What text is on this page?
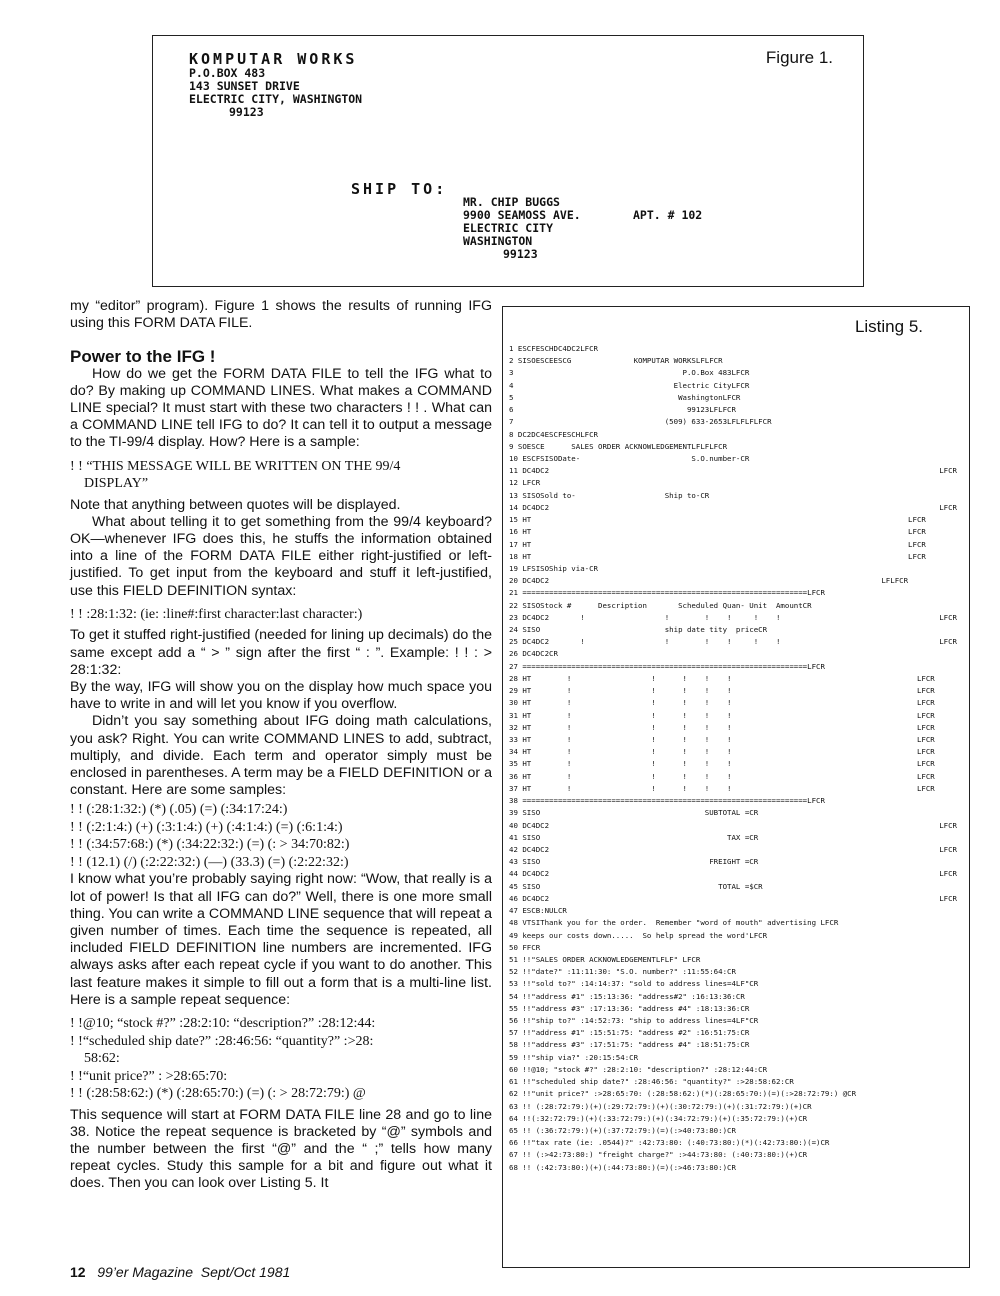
Figure 1.
KOMPUTAR WORKS
P.O.BOX 483
143 SUNSET DRIVE
ELECTRIC CITY, WASHINGTON
99123
SHIP TO:
MR. CHIP BUGGS
9900 SEAMOSS AVE.	APT. # 102
ELECTRIC CITY
WASHINGTON
99123

my “editor” program). Figure 1 shows the results of running IFG using this FORM DATA FILE.

Power to the IFG !

How do we get the FORM DATA FILE to tell the IFG what to do? By making up COMMAND LINES. What makes a COMMAND LINE special? It must start with these two characters ! ! . What can a COMMAND LINE tell IFG to do? It can tell it to output a message to the TI-99/4 display. How? Here is a sample:

! ! “THIS MESSAGE WILL BE WRITTEN ON THE 99/4
DISPLAY”

Note that anything between quotes will be displayed.

What about telling it to get something from the 99/4 keyboard? OK—whenever IFG does this, he stuffs the information obtained into a line of the FORM DATA FILE either right-justified or left-justified. To get input from the keyboard and stuff it left-justified, use this FIELD DEFINITION syntax:

! ! :28:1:32: (ie: :line#:first character:last character:)

To get it stuffed right-justified (needed for lining up decimals) do the same except add a “ > ” sign after the first “ : ”. Example: ! ! : > 28:1:32:

By the way, IFG will show you on the display how much space you have to write in and will let you know if you overflow.

Didn’t you say something about IFG doing math calculations, you ask? Right. You can write COMMAND LINES to add, subtract, multiply, and divide. Each term and operator simply must be enclosed in parentheses. A term may be a FIELD DEFINITION or a constant. Here are some samples:

! ! (:28:1:32:) (*) (.05) (=) (:34:17:24:)
! ! (:2:1:4:) (+) (:3:1:4:) (+) (:4:1:4:) (=) (:6:1:4:)
! ! (:34:57:68:) (*) (:34:22:32:) (=) (: > 34:70:82:)
! ! (12.1) (/) (:2:22:32:) (—) (33.3) (=) (:2:22:32:)

I know what you’re probably saying right now: “Wow, that really is a lot of power! Is that all IFG can do?” Well, there is one more small thing. You can write a COMMAND LINE sequence that will repeat a given number of times. Each time the sequence is repeated, all included FIELD DEFINITION line numbers are incremented. IFG always asks after each repeat cycle if you want to do another. This last feature makes it simple to fill out a form that is a multi-line list. Here is a sample repeat sequence:

! !@10; “stock #?” :28:2:10: “description?” :28:12:44:
! !“scheduled ship date?” :28:46:56: “quantity?” :>28:
58:62:
! !“unit price?” : >28:65:70:
! ! (:28:58:62:) (*) (:28:65:70:) (=) (: > 28:72:79:) @

This sequence will start at FORM DATA FILE line 28 and go to line 38. Notice the repeat sequence is bracketed by “@” symbols and the number between the first “@” and the “ ;” tells how many repeat cycles. Study this sample for a bit and figure out what it does. Then you can look over Listing 5. It

Listing 5.
1 ESCFESCHDC4DC2LFCR
2 SISOESCEESCG              KOMPUTAR WORKSLFLFCR
3                                      P.O.Box 483LFCR
4                                    Electric CityLFCR
5                                     WashingtonLFCR
6                                       99123LFLFCR
7                                  (509) 633-2653LFLFLFLFCR
8 DC2DC4ESCFESCHLFCR
9 SOESCE      SALES ORDER ACKNOWLEDGEMENTLFLFLFCR
10 ESCFSISODate-                         S.O.number-CR
11 DC4DC2	LFCR
12 LFCR
13 SISOSold to-                    Ship to-CR
14 DC4DC2	LFCR
15 HT	LFCR
16 HT	LFCR
17 HT	LFCR
18 HT	LFCR
19 LFSISOShip via-CR
20 DC4DC2	LFLFCR
21 ================================================================LFCR
22 SISOStock #      Description       Scheduled Quan- Unit  AmountCR
23 DC4DC2       !                  !        !    !     !    !	LFCR
24 SISO                            ship date tity  priceCR
25 DC4DC2       !                  !        !    !     !    !	LFCR
26 DC4DC2CR
27 ================================================================LFCR
28 HT        !                  !      !    !    !	LFCR
29 HT        !                  !      !    !    !	LFCR
30 HT        !                  !      !    !    !	LFCR
31 HT        !                  !      !    !    !	LFCR
32 HT        !                  !      !    !    !	LFCR
33 HT        !                  !      !    !    !	LFCR
34 HT        !                  !      !    !    !	LFCR
35 HT        !                  !      !    !    !	LFCR
36 HT        !                  !      !    !    !	LFCR
37 HT        !                  !      !    !    !	LFCR
38 ================================================================LFCR
39 SISO                                     SUBTOTAL =CR
40 DC4DC2	LFCR
41 SISO                                          TAX =CR
42 DC4DC2	LFCR
43 SISO                                      FREIGHT =CR
44 DC4DC2	LFCR
45 SISO                                        TOTAL =$CR
46 DC4DC2	LFCR
47 ESCB:NULCR
48 VTSIThank you for the order.  Remember "word of mouth" advertising LFCR
49 keeps our costs down.....  So help spread the word'LFCR
50 FFCR
51 !!"SALES ORDER ACKNOWLEDGEMENTLFLF" LFCR
52 !!"date?" :11:11:30: "S.O. number?" :11:55:64:CR
53 !!"sold to?" :14:14:37: "sold to address lines=4LF"CR
54 !!"address #1" :15:13:36: "address#2" :16:13:36:CR
55 !!"address #3" :17:13:36: "address #4" :18:13:36:CR
56 !!"ship to?" :14:52:73: "ship to address lines=4LF"CR
57 !!"address #1" :15:51:75: "address #2" :16:51:75:CR
58 !!"address #3" :17:51:75: "address #4" :18:51:75:CR
59 !!"ship via?" :20:15:54:CR
60 !!@10; "stock #?" :28:2:10: "description?" :28:12:44:CR
61 !!"scheduled ship date?" :28:46:56: "quantity?" :>28:58:62:CR
62 !!"unit price?" :>28:65:70: (:28:58:62:)(*)(:28:65:70:)(=)(:>28:72:79:) @CR
63 !! (:28:72:79:)(+)(:29:72:79:)(+)(:30:72:79:)(+)(:31:72:79:)(+)CR
64 !!(:32:72:79:)(+)(:33:72:79:)(+)(:34:72:79:)(+)(:35:72:79:)(+)CR
65 !! (:36:72:79:)(+)(:37:72:79:)(=)(:>40:73:80:)CR
66 !!"tax rate (ie: .0544)?" :42:73:80: (:40:73:80:)(*)(:42:73:80:)(=)CR
67 !! (:>42:73:80:) "freight charge?" :>44:73:80: (:40:73:80:)(+)CR
68 !! (:42:73:80:)(+)(:44:73:80:)(=)(:>46:73:80:)CR
12 99’er Magazine Sept/Oct 1981
